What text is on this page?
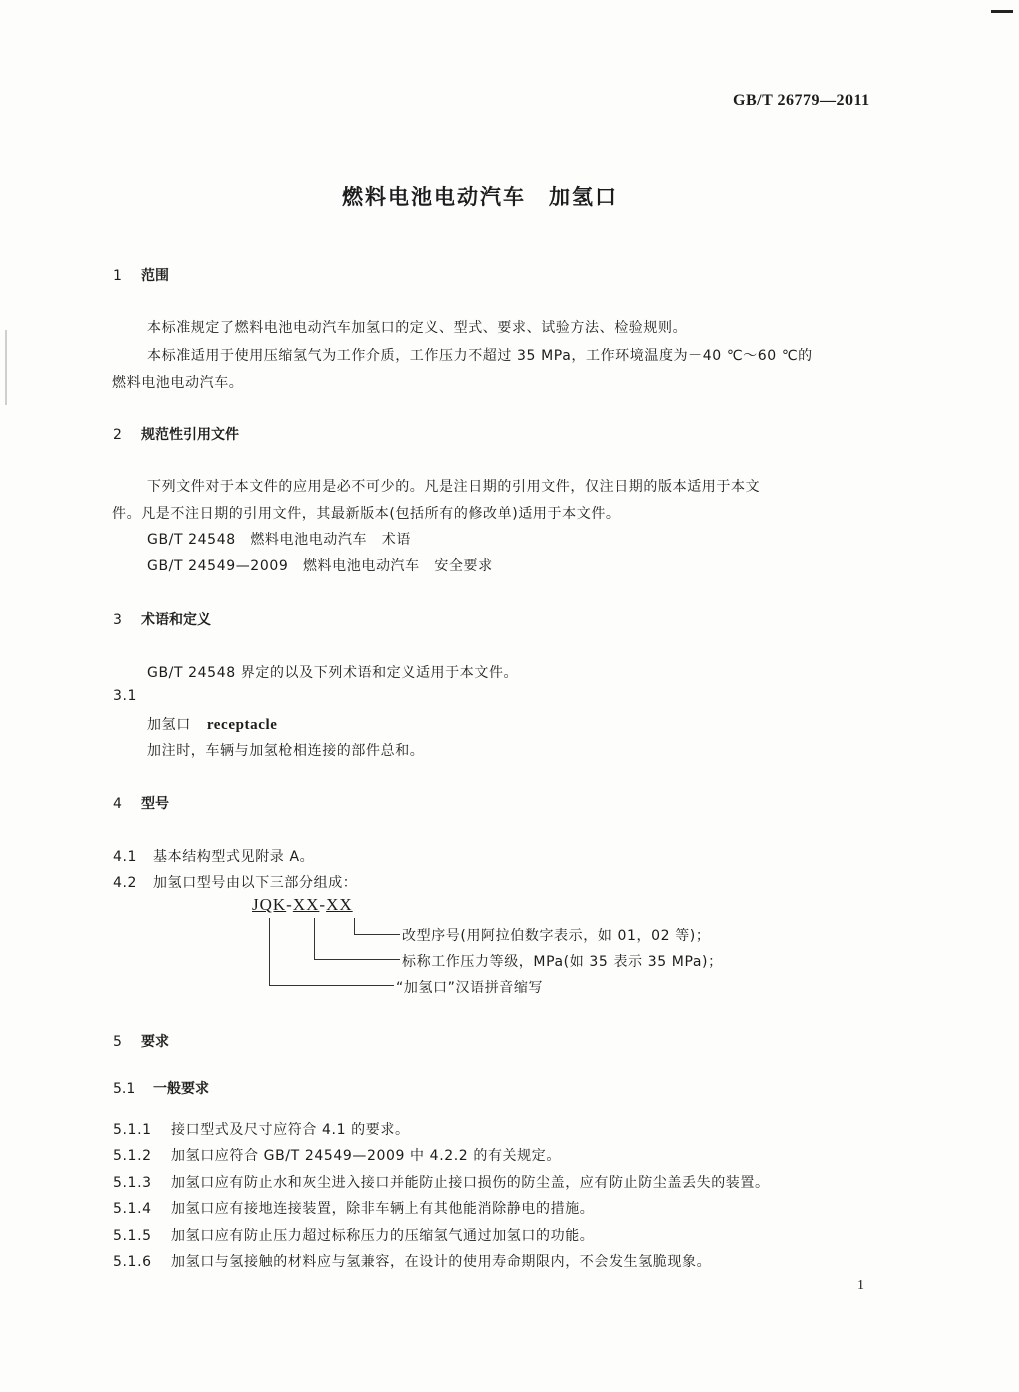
GB/T 26779—2011
燃料电池电动汽车　加氢口
1 范围
本标准规定了燃料电池电动汽车加氢口的定义、型式、要求、试验方法、检验规则。
本标准适用于使用压缩氢气为工作介质，工作压力不超过 35 MPa，工作环境温度为－40 ℃～60 ℃的
燃料电池电动汽车。
2 规范性引用文件
下列文件对于本文件的应用是必不可少的。凡是注日期的引用文件，仅注日期的版本适用于本文
件。凡是不注日期的引用文件，其最新版本(包括所有的修改单)适用于本文件。
GB/T 24548　 燃料电池电动汽车　术语
GB/T 24549—2009　 燃料电池电动汽车　安全要求
3 术语和定义
GB/T 24548 界定的以及下列术语和定义适用于本文件。
3.1
加氢口 receptacle
加注时，车辆与加氢枪相连接的部件总和。
4 型号
4.1 基本结构型式见附录 A。
4.2 加氢口型号由以下三部分组成：
JQK-XX-XX
改型序号(用阿拉伯数字表示，如 01，02 等)；
标称工作压力等级，MPa(如 35 表示 35 MPa)；
“加氢口”汉语拼音缩写
5 要求
5.1 一般要求
5.1.1 接口型式及尺寸应符合 4.1 的要求。
5.1.2 加氢口应符合 GB/T 24549—2009 中 4.2.2 的有关规定。
5.1.3 加氢口应有防止水和灰尘进入接口并能防止接口损伤的防尘盖，应有防止防尘盖丢失的装置。
5.1.4 加氢口应有接地连接装置，除非车辆上有其他能消除静电的措施。
5.1.5 加氢口应有防止压力超过标称压力的压缩氢气通过加氢口的功能。
5.1.6 加氢口与氢接触的材料应与氢兼容，在设计的使用寿命期限内，不会发生氢脆现象。
1
